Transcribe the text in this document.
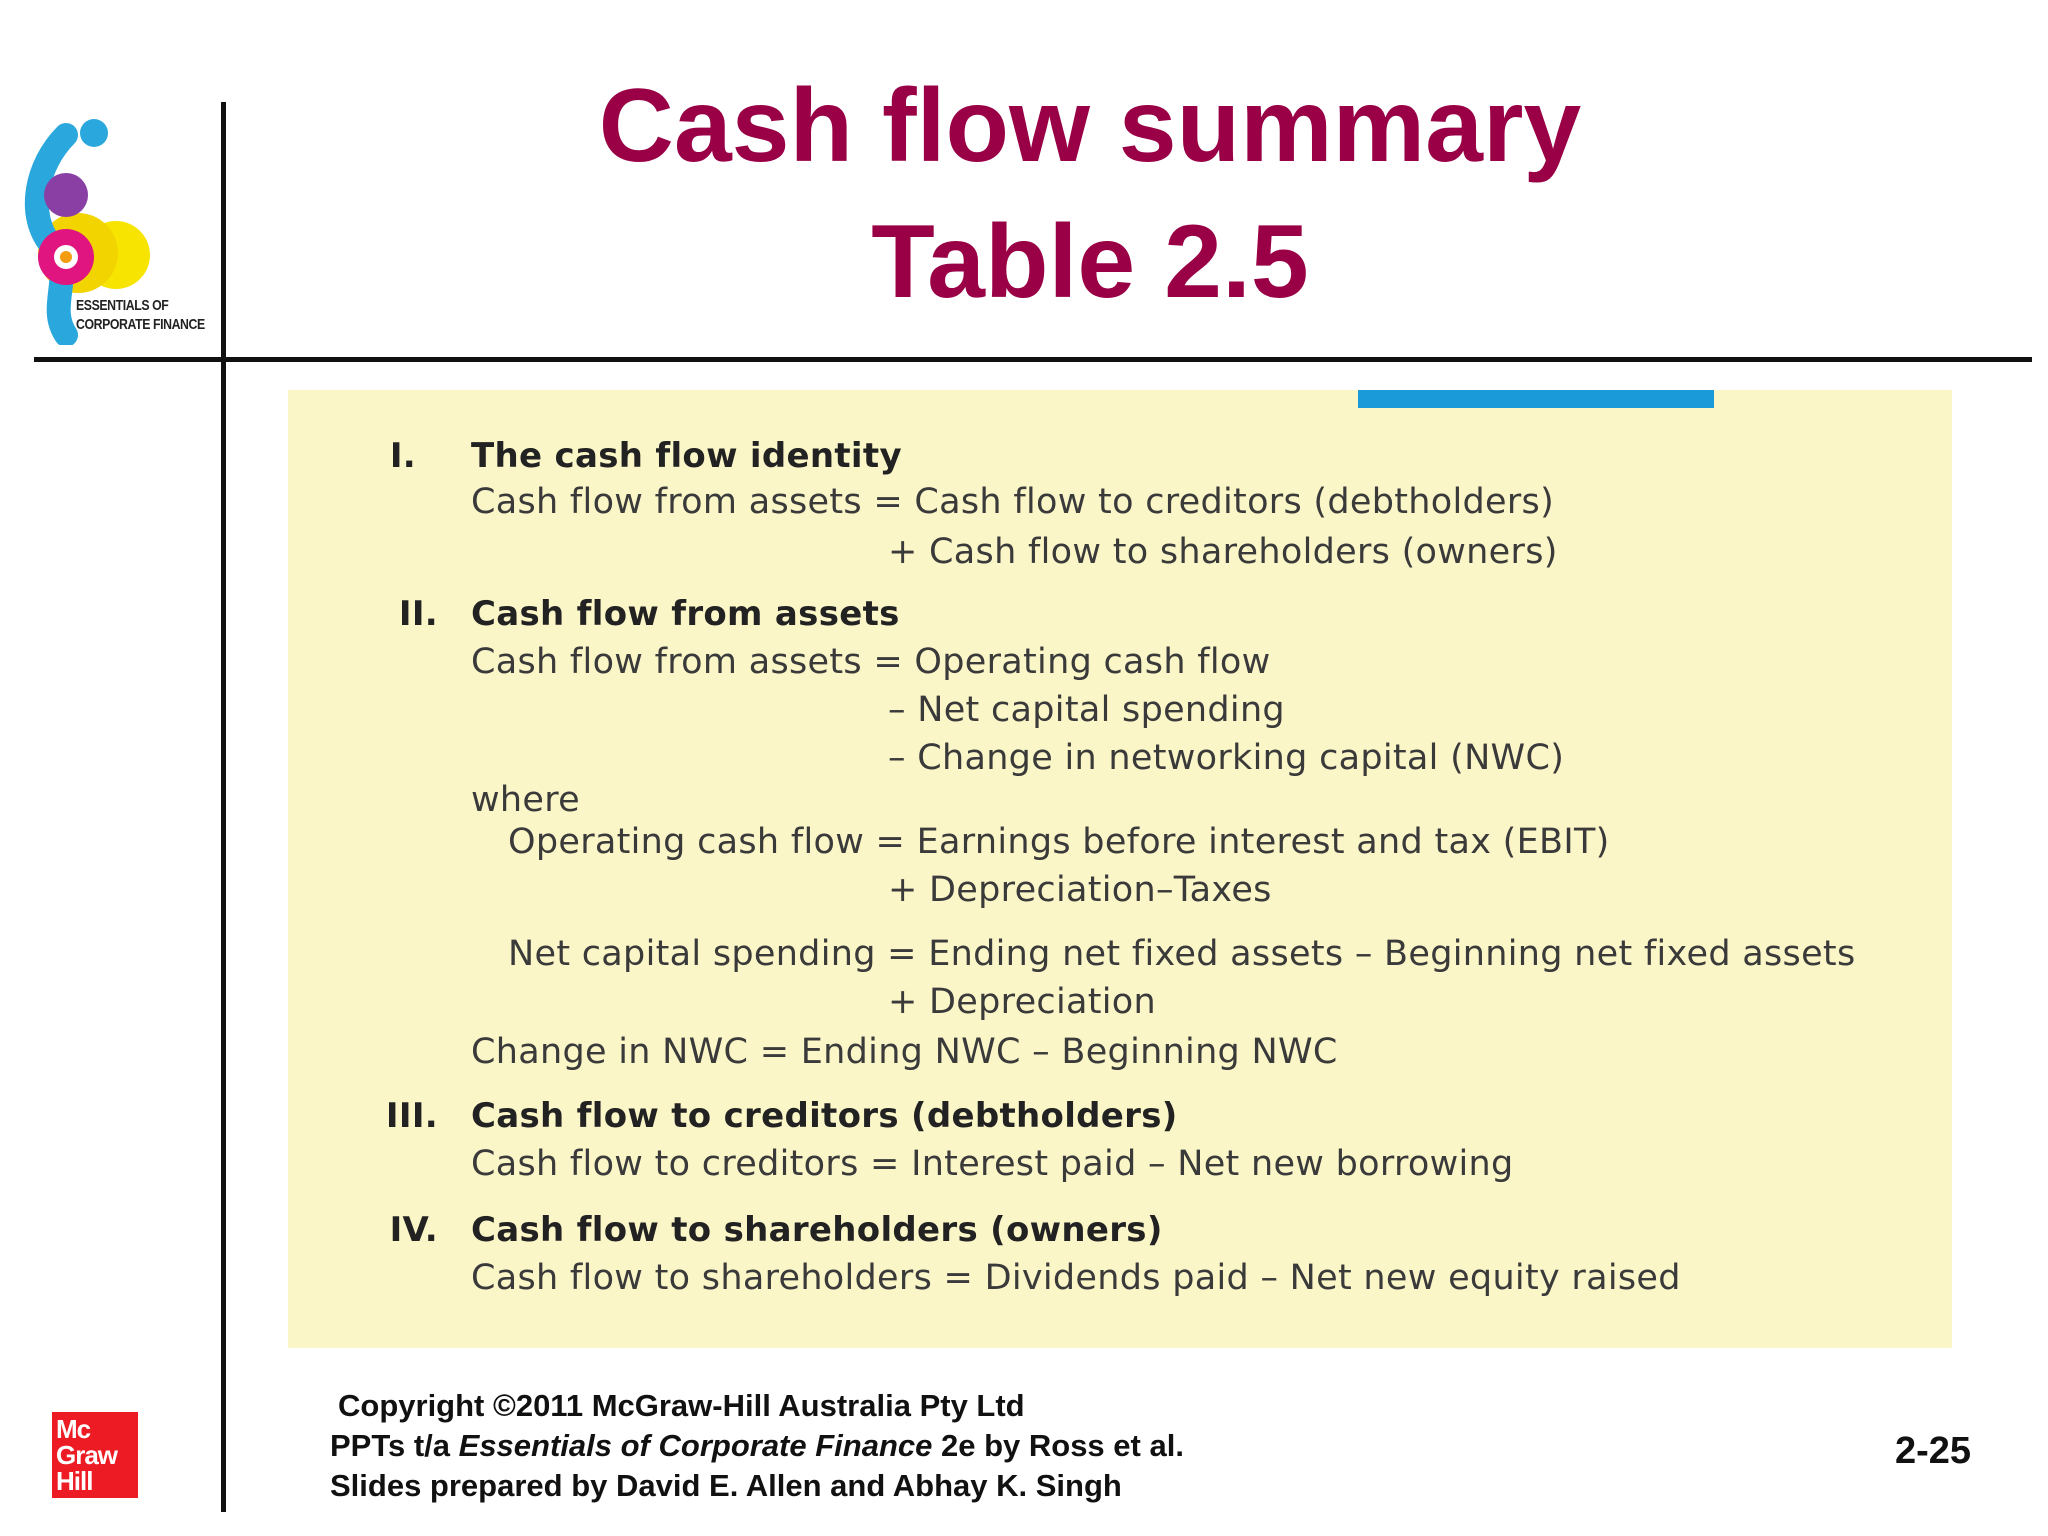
ESSENTIALS OF
CORPORATE FINANCE
Cash flow summary
Table 2.5
I. The cash flow identity
Cash flow from assets = Cash flow to creditors (debtholders)
+ Cash flow to shareholders (owners)
II. Cash flow from assets
Cash flow from assets = Operating cash flow
– Net capital spending
– Change in networking capital (NWC)
where
Operating cash flow = Earnings before interest and tax (EBIT)
+ Depreciation–Taxes
Net capital spending = Ending net fixed assets – Beginning net fixed assets
+ Depreciation
Change in NWC = Ending NWC – Beginning NWC
III. Cash flow to creditors (debtholders)
Cash flow to creditors = Interest paid – Net new borrowing
IV. Cash flow to shareholders (owners)
Cash flow to shareholders = Dividends paid – Net new equity raised
Mc
Graw
Hill
Copyright ©2011 McGraw-Hill Australia Pty Ltd
PPTs t/a Essentials of Corporate Finance 2e by Ross et al.
Slides prepared by David E. Allen and Abhay K. Singh
2-25
